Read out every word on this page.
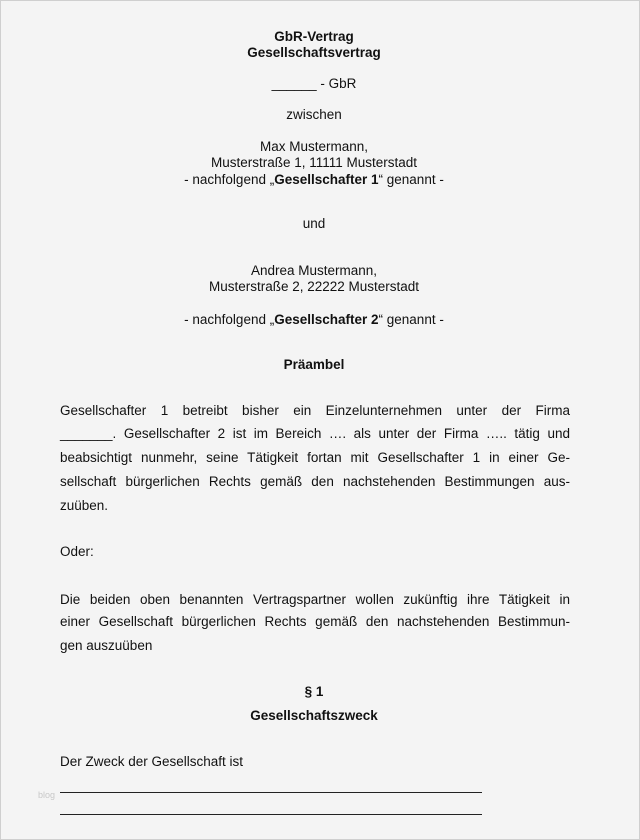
GbR-Vertrag
Gesellschaftsvertrag
______ - GbR
zwischen
Max Mustermann,
Musterstraße 1, 11111 Musterstadt
- nachfolgend „Gesellschafter 1“ genannt -
und
Andrea Mustermann,
Musterstraße 2, 22222 Musterstadt
- nachfolgend „Gesellschafter 2“ genannt -
Präambel
Gesellschafter 1 betreibt bisher ein Einzelunternehmen unter der Firma
_______. Gesellschafter 2 ist im Bereich …. als unter der Firma ….. tätig und
beabsichtigt nunmehr, seine Tätigkeit fortan mit Gesellschafter 1 in einer Ge-
sellschaft bürgerlichen Rechts gemäß den nachstehenden Bestimmungen aus-
zuüben.
Oder:
Die beiden oben benannten Vertragspartner wollen zukünftig ihre Tätigkeit in
einer Gesellschaft bürgerlichen Rechts gemäß den nachstehenden Bestimmun-
gen auszuüben
§ 1
Gesellschaftszweck
Der Zweck der Gesellschaft ist
blog
